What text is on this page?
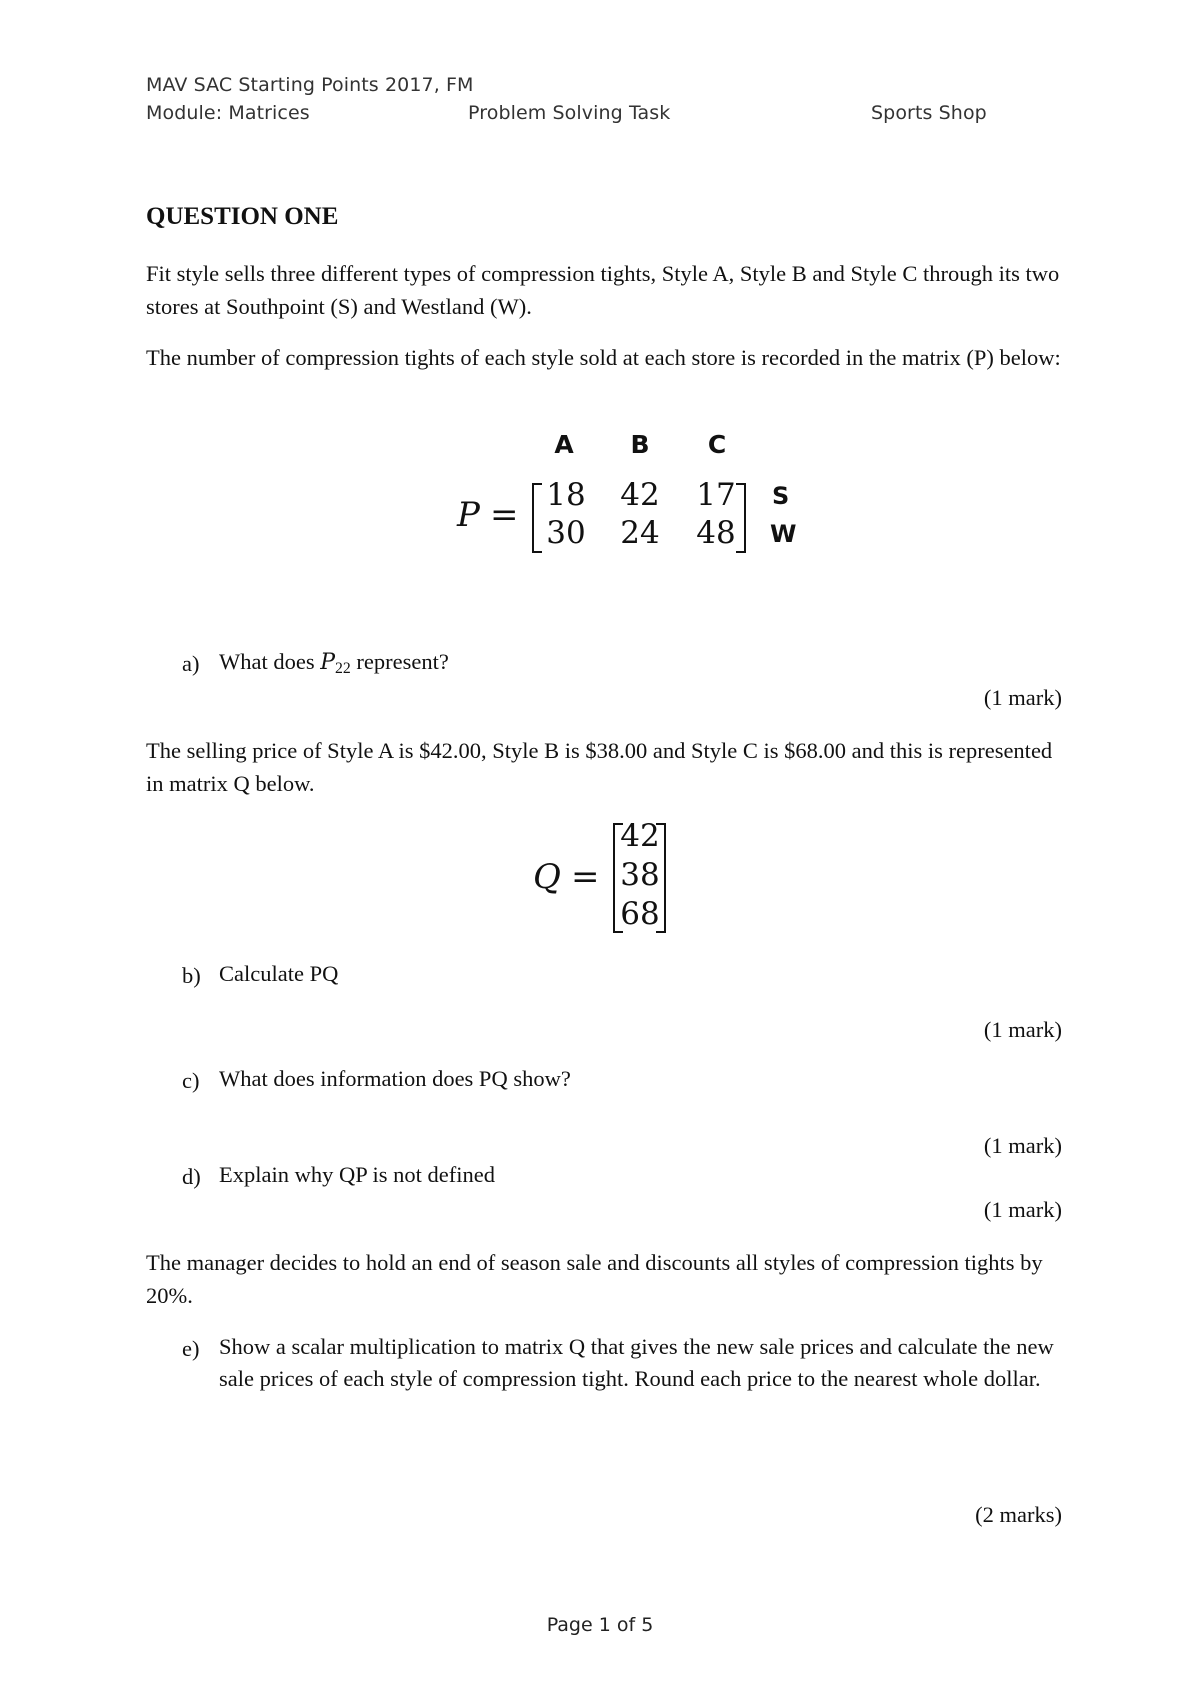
MAV SAC Starting Points 2017, FM
Module: Matrices	Problem Solving Task	Sports Shop
QUESTION ONE
Fit style sells three different types of compression tights, Style A, Style B and Style C through its two stores at Southpoint (S) and Westland (W).
The number of compression tights of each style sold at each store is recorded in the matrix (P) below:
A	B	C
P = 18	42	17
30	24	48
S
W
a) What does $P_{22}$ represent?
(1 mark)
The selling price of Style A is $42.00, Style B is $38.00 and Style C is $68.00 and this is represented in matrix Q below.
Q =
42
38
68
b) Calculate PQ
(1 mark)
c) What does information does PQ show?
(1 mark)
d) Explain why QP is not defined
(1 mark)
The manager decides to hold an end of season sale and discounts all styles of compression tights by 20%.
e) Show a scalar multiplication to matrix Q that gives the new sale prices and calculate the new sale prices of each style of compression tight. Round each price to the nearest whole dollar.
(2 marks)
Page 1 of 5
